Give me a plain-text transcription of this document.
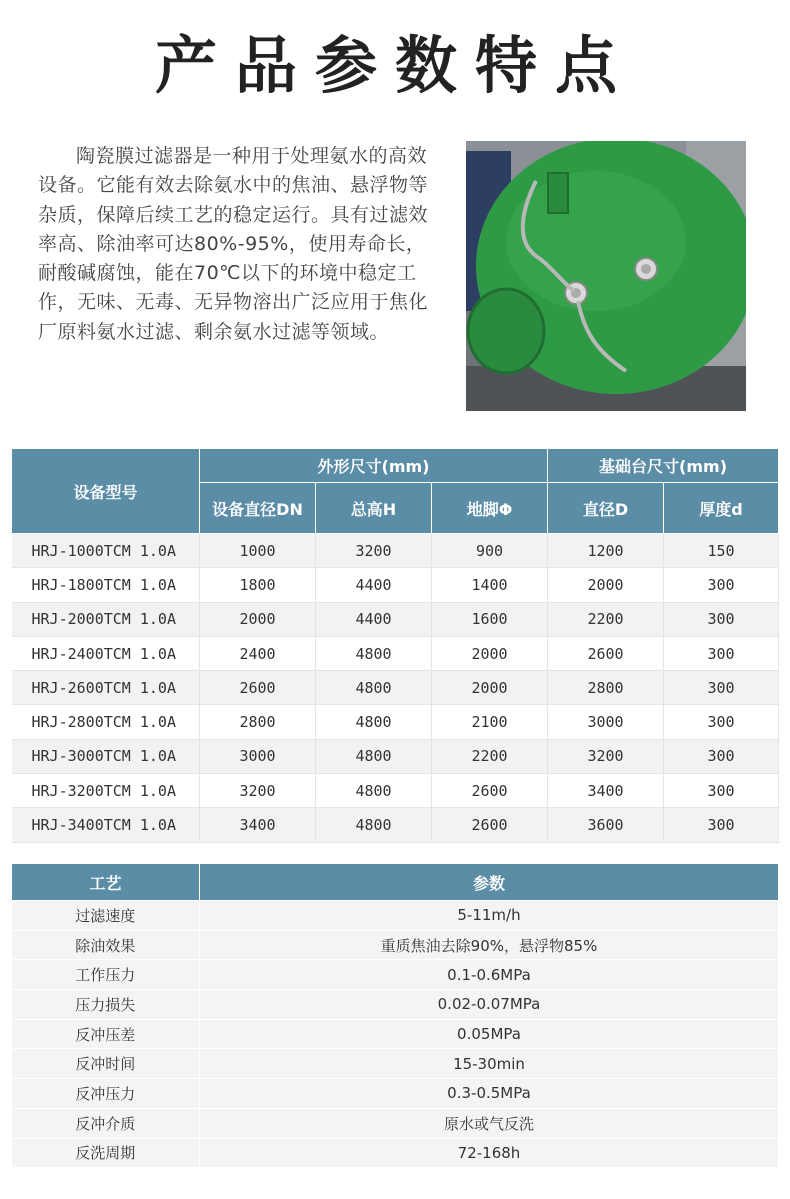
产品参数特点
陶瓷膜过滤器是一种用于处理氨水的高效设备。它能有效去除氨水中的焦油、悬浮物等杂质，保障后续工艺的稳定运行。具有过滤效率高、除油率可达80%-95%，使用寿命长，耐酸碱腐蚀，能在70℃以下的环境中稳定工作，无味、无毒、无异物溶出广泛应用于焦化厂原料氨水过滤、剩余氨水过滤等领域。
设备型号	外形尺寸(mm)			基础台尺寸(mm)	
	设备直径DN	总高H	地脚Φ	直径D	厚度d
HRJ-1000TCM 1.0A	1000	3200	900	1200	150
HRJ-1800TCM 1.0A	1800	4400	1400	2000	300
HRJ-2000TCM 1.0A	2000	4400	1600	2200	300
HRJ-2400TCM 1.0A	2400	4800	2000	2600	300
HRJ-2600TCM 1.0A	2600	4800	2000	2800	300
HRJ-2800TCM 1.0A	2800	4800	2100	3000	300
HRJ-3000TCM 1.0A	3000	4800	2200	3200	300
HRJ-3200TCM 1.0A	3200	4800	2600	3400	300
HRJ-3400TCM 1.0A	3400	4800	2600	3600	300
工艺	参数
过滤速度	5-11m/h
除油效果	重质焦油去除90%，悬浮物85%
工作压力	0.1-0.6MPa
压力损失	0.02-0.07MPa
反冲压差	0.05MPa
反冲时间	15-30min
反冲压力	0.3-0.5MPa
反冲介质	原水或气反洗
反洗周期	72-168h
